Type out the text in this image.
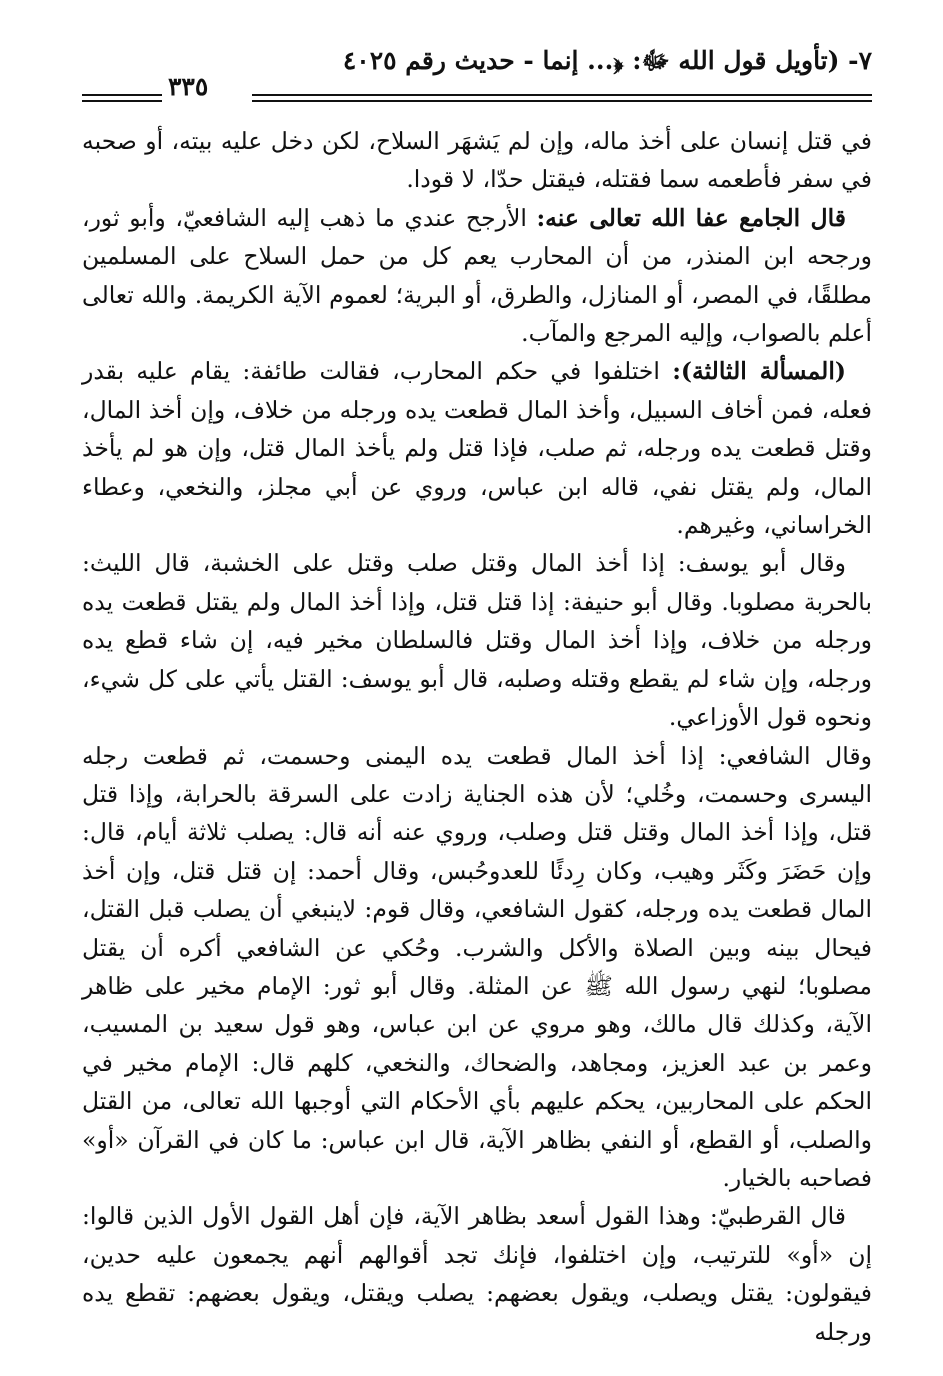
٧- (تأويل قول الله ﷻ: ﴿... إنما - حديث رقم ٤٠٢٥
٣٣٥

في قتل إنسان على أخذ ماله، وإن لم يَشهَر السلاح، لكن دخل عليه بيته، أو صحبه في سفر فأطعمه سما فقتله، فيقتل حدّا، لا قودا.

قال الجامع عفا الله تعالى عنه: الأرجح عندي ما ذهب إليه الشافعيّ، وأبو ثور، ورجحه ابن المنذر، من أن المحارب يعم كل من حمل السلاح على المسلمين مطلقًا، في المصر، أو المنازل، والطرق، أو البرية؛ لعموم الآية الكريمة. والله تعالى أعلم بالصواب، وإليه المرجع والمآب.

(المسألة الثالثة): اختلفوا في حكم المحارب، فقالت طائفة: يقام عليه بقدر فعله، فمن أخاف السبيل، وأخذ المال قطعت يده ورجله من خلاف، وإن أخذ المال، وقتل قطعت يده ورجله، ثم صلب، فإذا قتل ولم يأخذ المال قتل، وإن هو لم يأخذ المال، ولم يقتل نفي، قاله ابن عباس، وروي عن أبي مجلز، والنخعي، وعطاء الخراساني، وغيرهم.

وقال أبو يوسف: إذا أخذ المال وقتل صلب وقتل على الخشبة، قال الليث: بالحربة مصلوبا. وقال أبو حنيفة: إذا قتل قتل، وإذا أخذ المال ولم يقتل قطعت يده ورجله من خلاف، وإذا أخذ المال وقتل فالسلطان مخير فيه، إن شاء قطع يده ورجله، وإن شاء لم يقطع وقتله وصلبه، قال أبو يوسف: القتل يأتي على كل شيء، ونحوه قول الأوزاعي.

وقال الشافعي: إذا أخذ المال قطعت يده اليمنى وحسمت، ثم قطعت رجله اليسرى وحسمت، وخُلي؛ لأن هذه الجناية زادت على السرقة بالحرابة، وإذا قتل قتل، وإذا أخذ المال وقتل قتل وصلب، وروي عنه أنه قال: يصلب ثلاثة أيام، قال: وإن حَضَرَ وكَثَر وهيب، وكان رِدئًا للعدوحُبس، وقال أحمد: إن قتل قتل، وإن أخذ المال قطعت يده ورجله، كقول الشافعي، وقال قوم: لاينبغي أن يصلب قبل القتل، فيحال بينه وبين الصلاة والأكل والشرب. وحُكي عن الشافعي أكره أن يقتل مصلوبا؛ لنهي رسول الله ﷺ عن المثلة. وقال أبو ثور: الإمام مخير على ظاهر الآية، وكذلك قال مالك، وهو مروي عن ابن عباس، وهو قول سعيد بن المسيب، وعمر بن عبد العزيز، ومجاهد، والضحاك، والنخعي، كلهم قال: الإمام مخير في الحكم على المحاربين، يحكم عليهم بأي الأحكام التي أوجبها الله تعالى، من القتل والصلب، أو القطع، أو النفي بظاهر الآية، قال ابن عباس: ما كان في القرآن «أو» فصاحبه بالخيار.

قال القرطبيّ: وهذا القول أسعد بظاهر الآية، فإن أهل القول الأول الذين قالوا: إن «أو» للترتيب، وإن اختلفوا، فإنك تجد أقوالهم أنهم يجمعون عليه حدين، فيقولون: يقتل ويصلب، ويقول بعضهم: يصلب ويقتل، ويقول بعضهم: تقطع يده ورجله
